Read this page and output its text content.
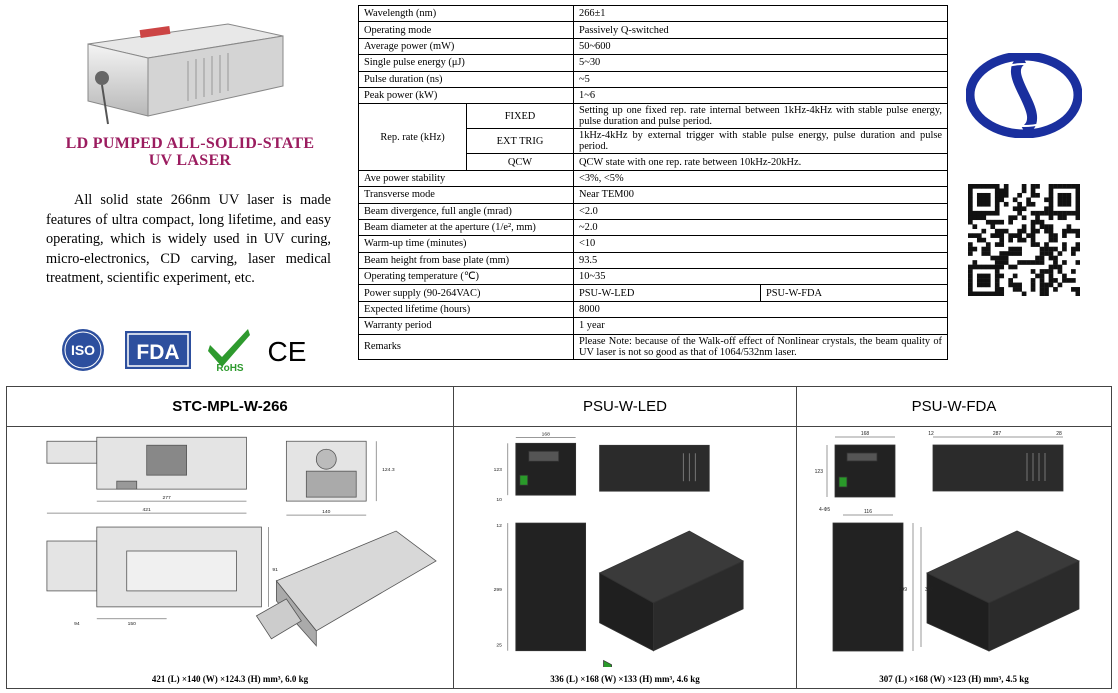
LD PUMPED ALL-SOLID-STATE
UV LASER
All solid state 266nm UV laser is made features of ultra compact, long lifetime, and easy operating, which is widely used in UV curing, micro-electronics, CD carving, laser medical treatment, scientific experiment, etc.
ISO FDA
RoHS
CE
Wavelength (nm)		266±1	
Operating mode		Passively Q-switched	
Average power (mW)		50~600	
Single pulse energy (μJ)		5~30	
Pulse duration (ns)		~5	
Peak power (kW)		1~6	
Rep. rate (kHz)	FIXED	Setting up one fixed rep. rate internal between 1kHz-4kHz with stable pulse energy, pulse duration and pulse period.	
	EXT TRIG	1kHz-4kHz by external trigger with stable pulse energy, pulse duration and pulse period.	
	QCW	QCW state with one rep. rate between 10kHz-20kHz.	
Ave power stability		<3%, <5%	
Transverse mode		Near TEM00	
Beam divergence, full angle (mrad)		<2.0	
Beam diameter at the aperture (1/e², mm)		~2.0	
Warm-up time (minutes)		<10	
Beam height from base plate (mm)		93.5	
Operating temperature (℃)		10~35	
Power supply (90-264VAC)		PSU-W-LED	PSU-W-FDA
Expected lifetime (hours)		8000	
Warranty period		1 year	
Remarks		Please Note: because of the Walk-off effect of Nonlinear crystals, the beam quality of UV laser is not so good as that of 1064/532nm laser.	
STC-MPL-W-266
277
421	140
124.3
91
150
94
421 (L) ×140 (W) ×124.3 (H) mm³, 6.0 kg
PSU-W-LED
168
123
10
12
299
25
336 (L) ×168 (W) ×133 (H) mm³, 4.6 kg
PSU-W-FDA
168	12	287	28
123
4-Φ5	116
299	307
307 (L) ×168 (W) ×123 (H) mm³, 4.5 kg
